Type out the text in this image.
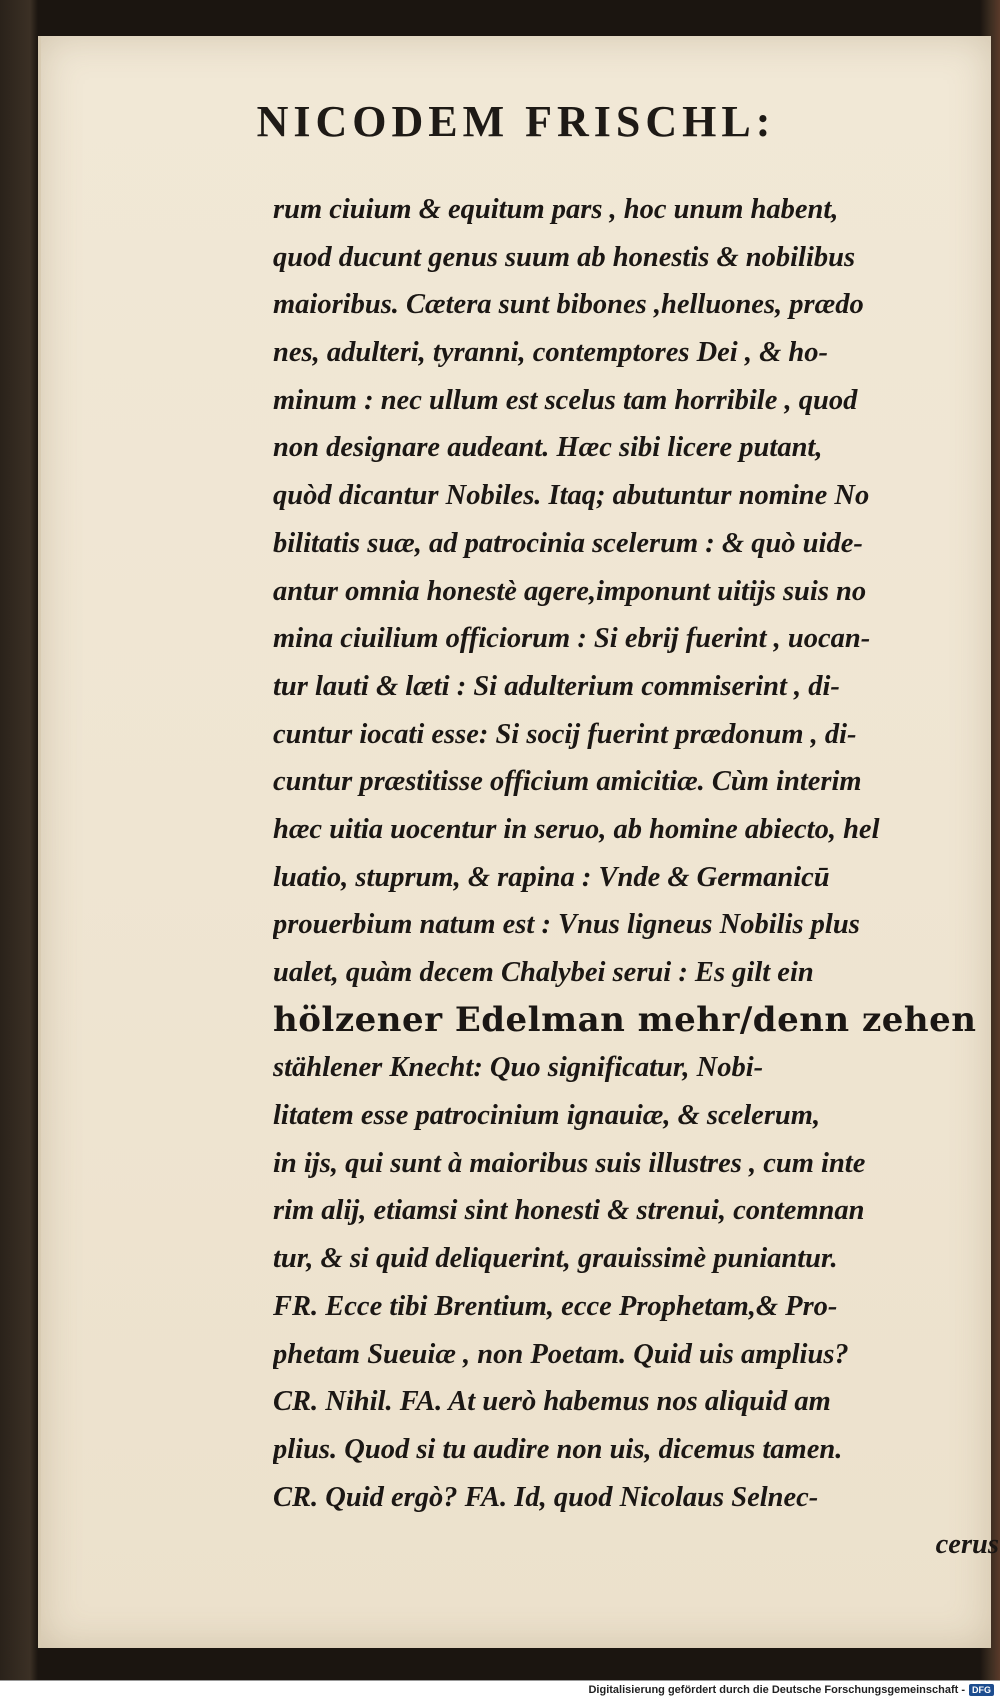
NICODEM FRISCHL:
rum ciuium & equitum pars , hoc unum habent,
quod ducunt genus suum ab honestis & nobilibus
maioribus. Cætera sunt bibones ,helluones, prædo
nes, adulteri, tyranni, contemptores Dei , & ho-
minum : nec ullum est scelus tam horribile , quod
non designare audeant. Hæc sibi licere putant,
quòd dicantur Nobiles. Itaq; abutuntur nomine No
bilitatis suæ, ad patrocinia scelerum : & quò uide-
antur omnia honestè agere,imponunt uitijs suis no
mina ciuilium officiorum : Si ebrij fuerint , uocan-
tur lauti & læti : Si adulterium commiserint , di-
cuntur iocati esse: Si socij fuerint prædonum , di-
cuntur præstitisse officium amicitiæ. Cùm interim
hæc uitia uocentur in seruo, ab homine abiecto, hel
luatio, stuprum, & rapina : Vnde & Germanicū
prouerbium natum est : Vnus ligneus Nobilis plus
ualet, quàm decem Chalybei serui : Es gilt ein
hölzener Edelman mehr/denn zehen
stählener Knecht: Quo significatur, Nobi-
litatem esse patrocinium ignauiæ, & scelerum,
in ijs, qui sunt à maioribus suis illustres , cum inte
rim alij, etiamsi sint honesti & strenui, contemnan
tur, & si quid deliquerint, grauissimè puniantur.
FR. Ecce tibi Brentium, ecce Prophetam,& Pro-
phetam Sueuiæ , non Poetam. Quid uis amplius?
CR. Nihil. FA. At uerò habemus nos aliquid am
plius. Quod si tu audire non uis, dicemus tamen.
CR. Quid ergò? FA. Id, quod Nicolaus Selnec-
cerus
Digitalisierung gefördert durch die Deutsche Forschungsgemeinschaft - DFG
